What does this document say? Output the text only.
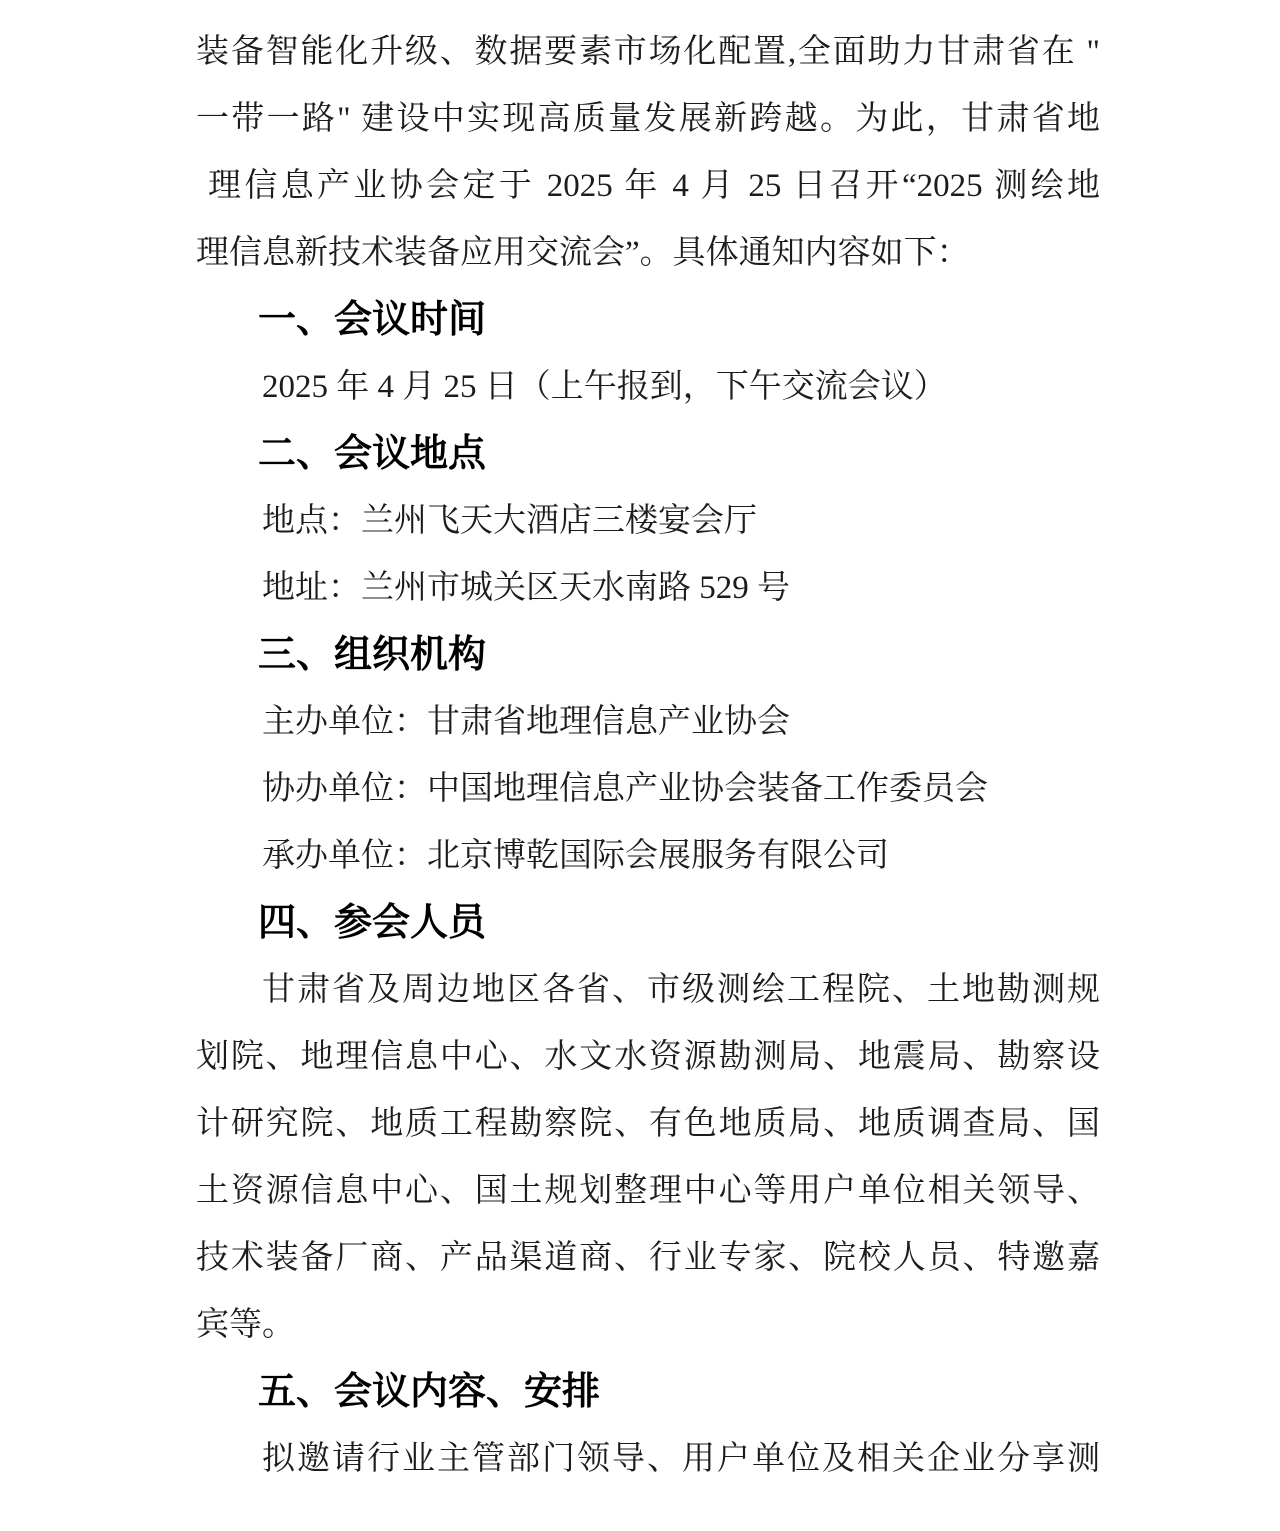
装备智能化升级、数据要素市场化配置,全面助力甘肃省在 "
一带一路" 建设中实现高质量发展新跨越。为此，甘肃省地
理信息产业协会定于 2025 年 4 月 25 日召开“2025 测绘地
理信息新技术装备应用交流会”。具体通知内容如下：
一、会议时间
2025 年 4 月 25 日（上午报到，下午交流会议）
二、会议地点
地点：兰州飞天大酒店三楼宴会厅
地址：兰州市城关区天水南路 529 号
三、组织机构
主办单位：甘肃省地理信息产业协会
协办单位：中国地理信息产业协会装备工作委员会
承办单位：北京博乾国际会展服务有限公司
四、参会人员
甘肃省及周边地区各省、市级测绘工程院、土地勘测规
划院、地理信息中心、水文水资源勘测局、地震局、勘察设
计研究院、地质工程勘察院、有色地质局、地质调查局、国
土资源信息中心、国土规划整理中心等用户单位相关领导、
技术装备厂商、产品渠道商、行业专家、院校人员、特邀嘉
宾等。
五、会议内容、安排
拟邀请行业主管部门领导、用户单位及相关企业分享测
